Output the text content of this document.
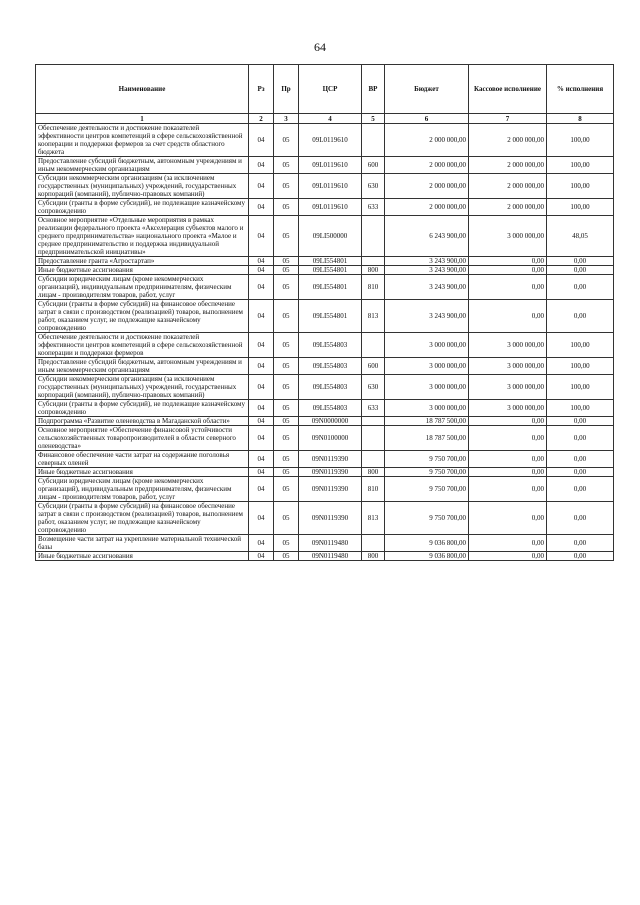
64
Наименование	Рз	Пр	ЦСР	ВР	Бюджет	Кассовое исполнение	% исполнения
1	2	3	4	5	6	7	8
Обеспечение деятельности и достижение показателей эффективности центров компетенций в сфере сельскохозяйственной кооперации и поддержки фермеров за счет средств областного бюджета	04	05	09L0119610		2 000 000,00	2 000 000,00	100,00
Предоставление субсидий бюджетным, автономным учреждениям и иным некоммерческим организациям	04	05	09L0119610	600	2 000 000,00	2 000 000,00	100,00
Субсидии некоммерческим организациям (за исключением государственных (муниципальных) учреждений, государственных корпораций (компаний), публично-правовых компаний)	04	05	09L0119610	630	2 000 000,00	2 000 000,00	100,00
Субсидии (гранты в форме субсидий), не подлежащие казначейскому сопровождению	04	05	09L0119610	633	2 000 000,00	2 000 000,00	100,00
Основное мероприятие «Отдельные мероприятия в рамках реализации федерального проекта «Акселерация субъектов малого и среднего предпринимательства» национального проекта «Малое и среднее предпринимательство и поддержка индивидуальной предпринимательской инициативы»	04	05	09LI500000		6 243 900,00	3 000 000,00	48,05
Предоставление гранта «Агростартап»	04	05	09LI554801		3 243 900,00	0,00	0,00
Иные бюджетные ассигнования	04	05	09LI554801	800	3 243 900,00	0,00	0,00
Субсидии юридическим лицам (кроме некоммерческих организаций), индивидуальным предпринимателям, физическим лицам - производителям товаров, работ, услуг	04	05	09LI554801	810	3 243 900,00	0,00	0,00
Субсидии (гранты в форме субсидий) на финансовое обеспечение затрат в связи с производством (реализацией) товаров, выполнением работ, оказанием услуг, не подлежащие казначейскому сопровождению	04	05	09LI554801	813	3 243 900,00	0,00	0,00
Обеспечение деятельности и достижение показателей эффективности центров компетенций в сфере сельскохозяйственной кооперации и поддержки фермеров	04	05	09LI554803		3 000 000,00	3 000 000,00	100,00
Предоставление субсидий бюджетным, автономным учреждениям и иным некоммерческим организациям	04	05	09LI554803	600	3 000 000,00	3 000 000,00	100,00
Субсидии некоммерческим организациям (за исключением государственных (муниципальных) учреждений, государственных корпораций (компаний), публично-правовых компаний)	04	05	09LI554803	630	3 000 000,00	3 000 000,00	100,00
Субсидии (гранты в форме субсидий), не подлежащие казначейскому сопровождению	04	05	09LI554803	633	3 000 000,00	3 000 000,00	100,00
Подпрограмма «Развитие оленеводства в Магаданской области»	04	05	09N0000000		18 787 500,00	0,00	0,00
Основное мероприятие «Обеспечение финансовой устойчивости сельскохозяйственных товаропроизводителей в области северного оленеводства»	04	05	09N0100000		18 787 500,00	0,00	0,00
Финансовое обеспечение части затрат на содержание поголовья северных оленей	04	05	09N0119390		9 750 700,00	0,00	0,00
Иные бюджетные ассигнования	04	05	09N0119390	800	9 750 700,00	0,00	0,00
Субсидии юридическим лицам (кроме некоммерческих организаций), индивидуальным предпринимателям, физическим лицам - производителям товаров, работ, услуг	04	05	09N0119390	810	9 750 700,00	0,00	0,00
Субсидии (гранты в форме субсидий) на финансовое обеспечение затрат в связи с производством (реализацией) товаров, выполнением работ, оказанием услуг, не подлежащие казначейскому сопровождению	04	05	09N0119390	813	9 750 700,00	0,00	0,00
Возмещение части затрат на укрепление материальной технической базы	04	05	09N0119480		9 036 800,00	0,00	0,00
Иные бюджетные ассигнования	04	05	09N0119480	800	9 036 800,00	0,00	0,00
